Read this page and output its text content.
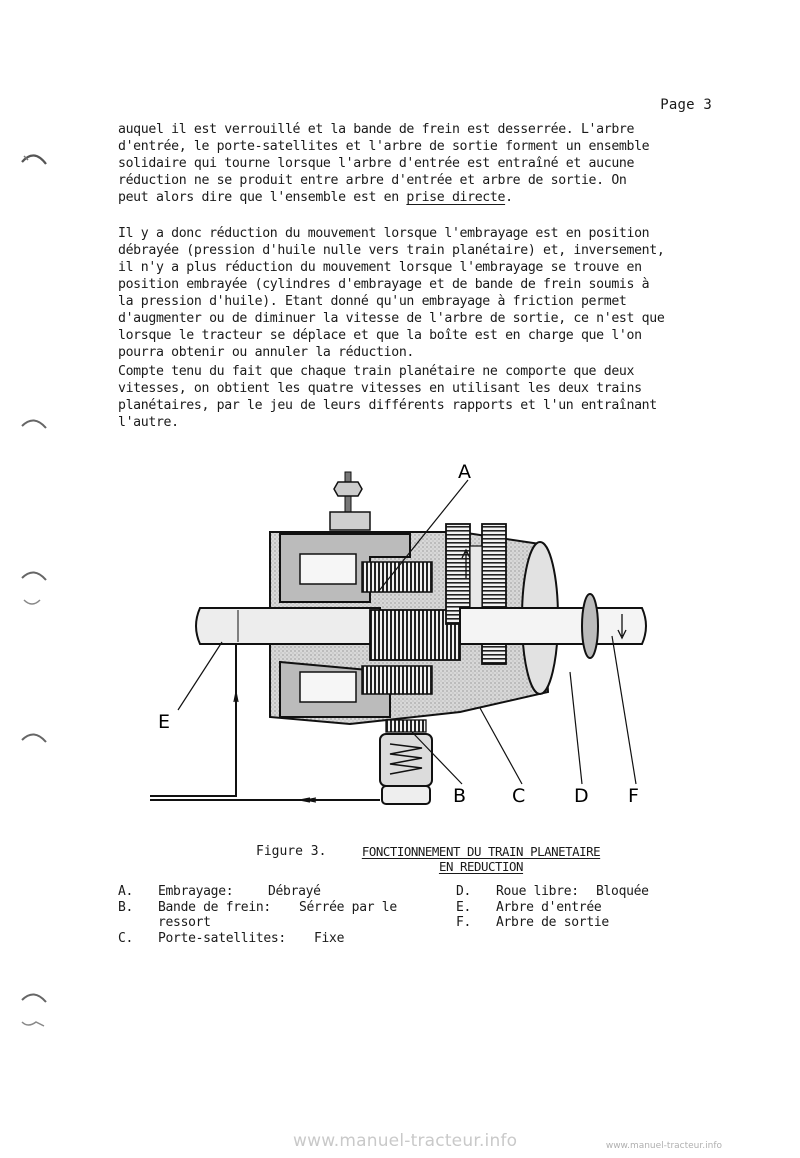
Page 3
auquel il est verrouillé et la bande de frein est desserrée. L'arbre
d'entrée, le porte-satellites et l'arbre de sortie forment un ensemble
solidaire qui tourne lorsque l'arbre d'entrée est entraîné et aucune
réduction ne se produit entre arbre d'entrée et arbre de sortie. On
peut alors dire que l'ensemble est en prise directe.
Il y a donc réduction du mouvement lorsque l'embrayage est en position
débrayée (pression d'huile nulle vers train planétaire) et, inversement,
il n'y a plus réduction du mouvement lorsque l'embrayage se trouve en
position embrayée (cylindres d'embrayage et de bande de frein soumis à
la pression d'huile). Etant donné qu'un embrayage à friction permet
d'augmenter ou de diminuer la vitesse de l'arbre de sortie, ce n'est que
lorsque le tracteur se déplace et que la boîte est en charge que l'on
pourra obtenir ou annuler la réduction.
Compte tenu du fait que chaque train planétaire ne comporte que deux
vitesses, on obtient les quatre vitesses en utilisant les deux trains
planétaires, par le jeu de leurs différents rapports et l'un entraînant
l'autre.
A
E
B C	D F
Figure 3.	FONCTIONNEMENT DU TRAIN PLANETAIRE
EN REDUCTION
A. Embrayage:	Débrayé
B. Bande de frein: Sérrée par le
ressort
C. Porte-satellites: Fixe
D. Roue libre: Bloquée
E. Arbre d'entrée
F. Arbre de sortie
www.manuel-tracteur.info	www.manuel-tracteur.info
